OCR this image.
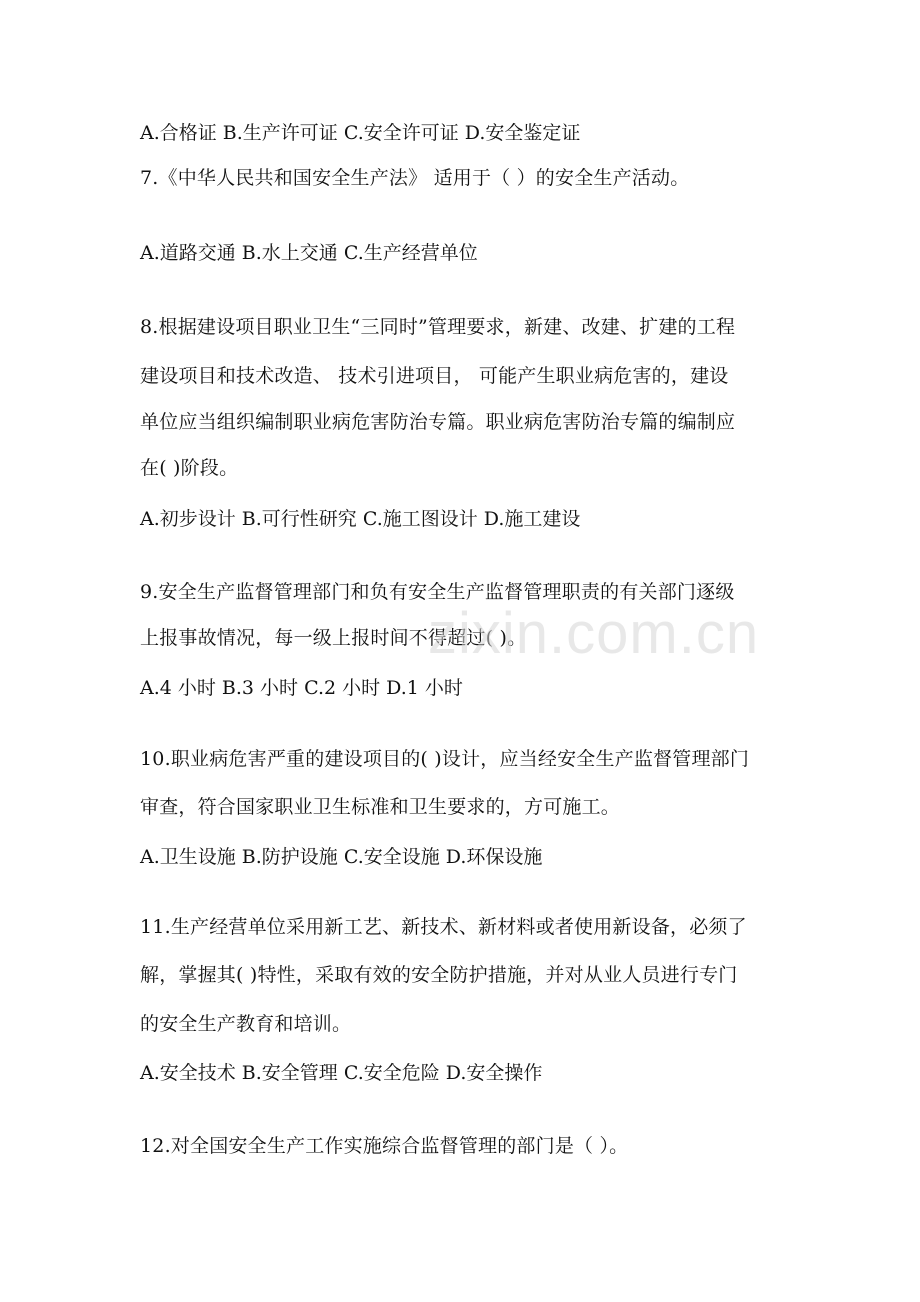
A.合格证 B.生产许可证 C.安全许可证 D.安全鉴定证
7.《中华人民共和国安全生产法》 适用于（ ）的安全生产活动。
A.道路交通 B.水上交通 C.生产经营单位
8.根据建设项目职业卫生“三同时”管理要求，新建、改建、扩建的工程
建设项目和技术改造、 技术引进项目， 可能产生职业病危害的，建设
单位应当组织编制职业病危害防治专篇。职业病危害防治专篇的编制应
在( )阶段。
A.初步设计 B.可行性研究 C.施工图设计 D.施工建设
9.安全生产监督管理部门和负有安全生产监督管理职责的有关部门逐级
上报事故情况，每一级上报时间不得超过( )。
A.4 小时 B.3 小时 C.2 小时 D.1 小时
10.职业病危害严重的建设项目的( )设计，应当经安全生产监督管理部门
审查，符合国家职业卫生标准和卫生要求的，方可施工。
A.卫生设施 B.防护设施 C.安全设施 D.环保设施
11.生产经营单位采用新工艺、新技术、新材料或者使用新设备，必须了
解，掌握其( )特性，采取有效的安全防护措施，并对从业人员进行专门
的安全生产教育和培训。
A.安全技术 B.安全管理 C.安全危险 D.安全操作
12.对全国安全生产工作实施综合监督管理的部门是（ ）。
zixin.com.cn
